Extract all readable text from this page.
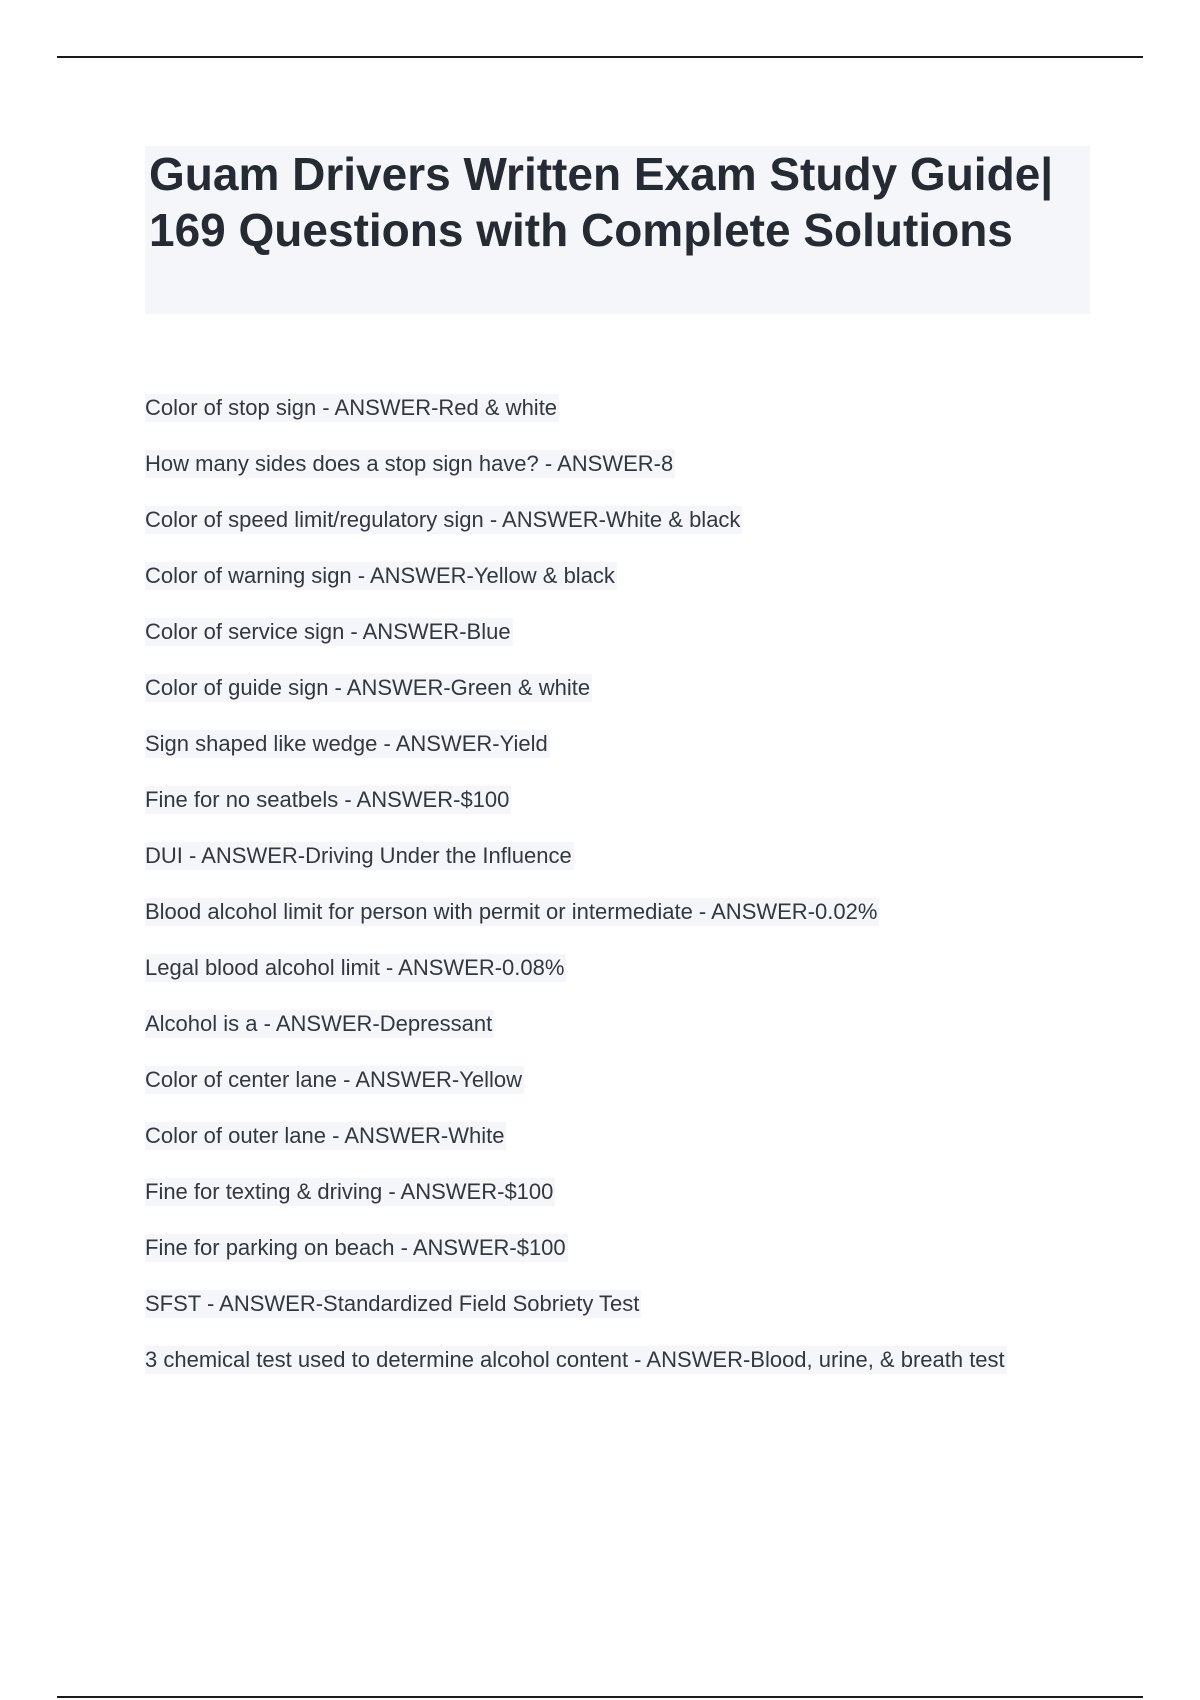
Guam Drivers Written Exam Study Guide| 169 Questions with Complete Solutions
Color of stop sign - ANSWER-Red & white
How many sides does a stop sign have? - ANSWER-8
Color of speed limit/regulatory sign - ANSWER-White & black
Color of warning sign - ANSWER-Yellow & black
Color of service sign - ANSWER-Blue
Color of guide sign - ANSWER-Green & white
Sign shaped like wedge - ANSWER-Yield
Fine for no seatbels - ANSWER-$100
DUI - ANSWER-Driving Under the Influence
Blood alcohol limit for person with permit or intermediate - ANSWER-0.02%
Legal blood alcohol limit - ANSWER-0.08%
Alcohol is a - ANSWER-Depressant
Color of center lane - ANSWER-Yellow
Color of outer lane - ANSWER-White
Fine for texting & driving - ANSWER-$100
Fine for parking on beach - ANSWER-$100
SFST - ANSWER-Standardized Field Sobriety Test
3 chemical test used to determine alcohol content - ANSWER-Blood, urine, & breath test
